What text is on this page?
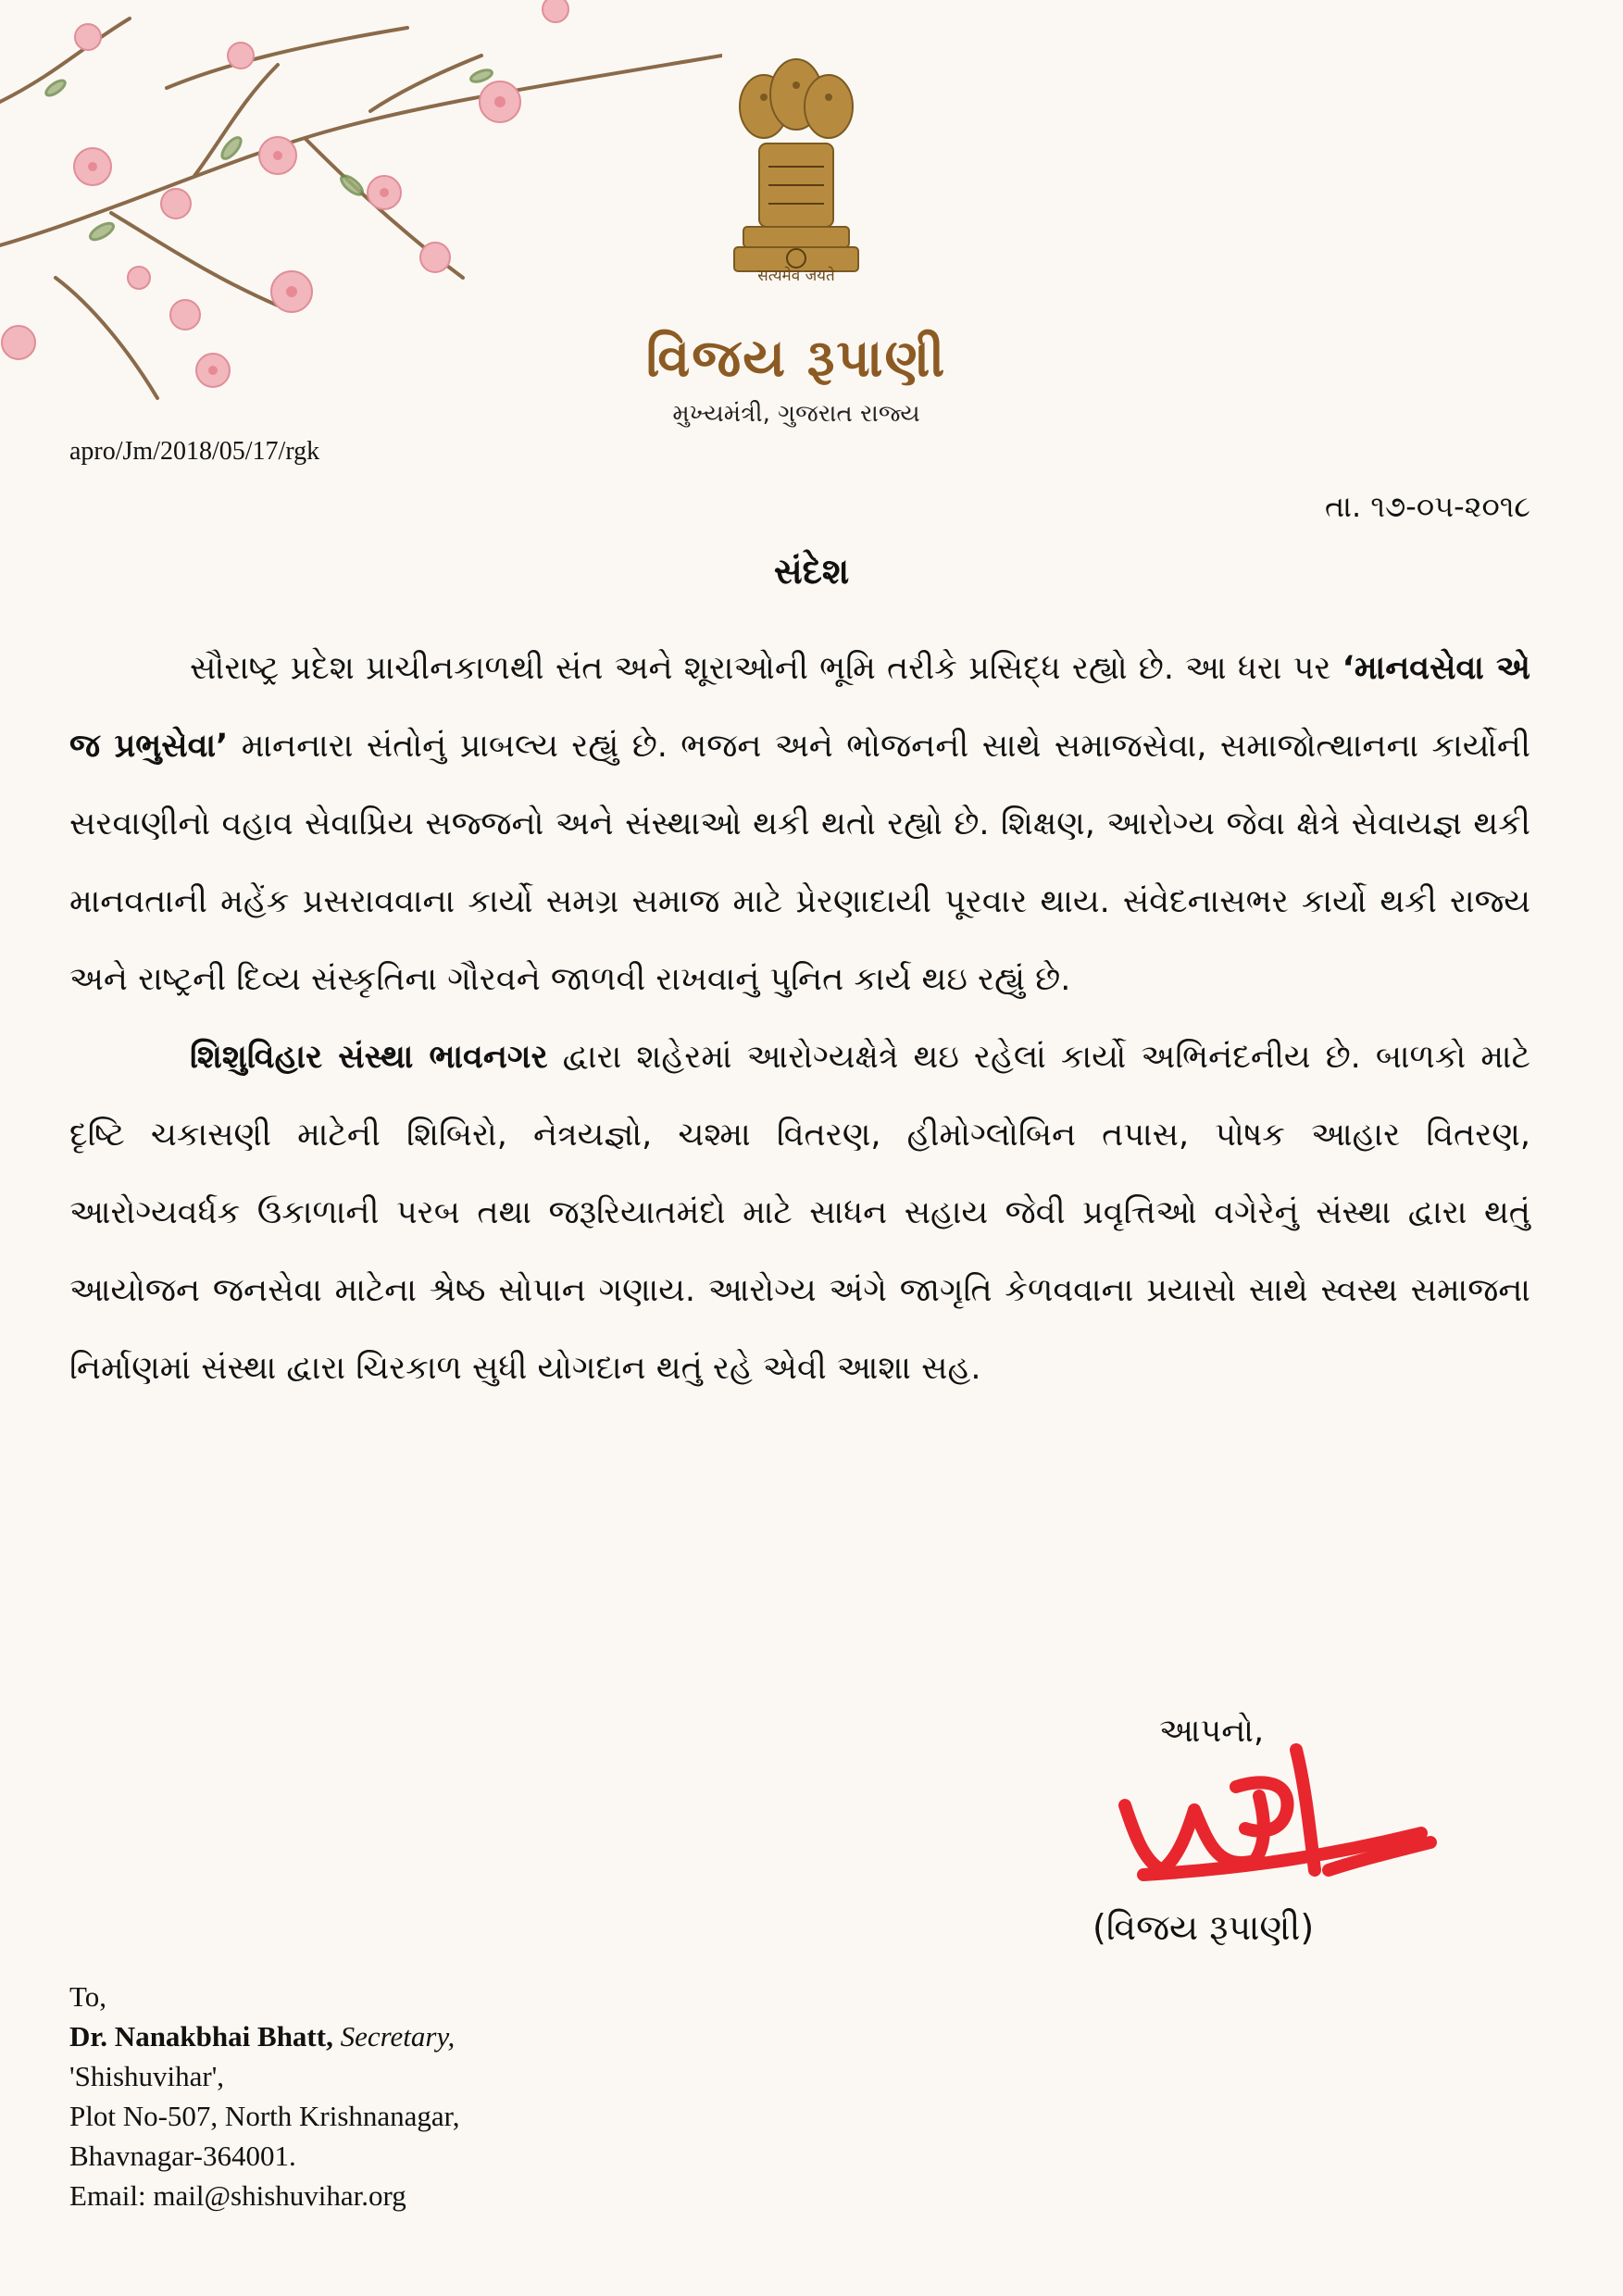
सत्यमेव जयते
વિજય રૂપાણી
મુખ્યમંત્રી, ગુજરાત રાજ્ય
apro/Jm/2018/05/17/rgk
તા. ૧૭-૦૫-૨૦૧૮
સંદેશ

સૌરાષ્ટ્ર પ્રદેશ પ્રાચીનકાળથી સંત અને શૂરાઓની ભૂમિ તરીકે પ્રસિદ્ધ રહ્યો છે. આ ધરા પર ‘માનવસેવા એ જ પ્રભુસેવા’ માનનારા સંતોનું પ્રાબલ્ય રહ્યું છે. ભજન અને ભોજનની સાથે સમાજસેવા, સમાજોત્થાનના કાર્યોની સરવાણીનો વહાવ સેવાપ્રિય સજ્જનો અને સંસ્થાઓ થકી થતો રહ્યો છે. શિક્ષણ, આરોગ્ય જેવા ક્ષેત્રે સેવાયજ્ઞ થકી માનવતાની મહેંક પ્રસરાવવાના કાર્યો સમગ્ર સમાજ માટે પ્રેરણાદાયી પૂરવાર થાય. સંવેદનાસભર કાર્યો થકી રાજ્ય અને રાષ્ટ્રની દિવ્ય સંસ્કૃતિના ગૌરવને જાળવી રાખવાનું પુનિત કાર્ય થઇ રહ્યું છે.

શિશુવિહાર સંસ્થા ભાવનગર દ્વારા શહેરમાં આરોગ્યક્ષેત્રે થઇ રહેલાં કાર્યો અભિનંદનીય છે. બાળકો માટે દૃષ્ટિ ચકાસણી માટેની શિબિરો, નેત્રયજ્ઞો, ચશ્મા વિતરણ, હીમોગ્લોબિન તપાસ, પોષક આહાર વિતરણ, આરોગ્યવર્ધક ઉકાળાની પરબ તથા જરૂરિયાતમંદો માટે સાધન સહાય જેવી પ્રવૃત્તિઓ વગેરેનું સંસ્થા દ્વારા થતું આયોજન જનસેવા માટેના શ્રેષ્ઠ સોપાન ગણાય. આરોગ્ય અંગે જાગૃતિ કેળવવાના પ્રયાસો સાથે સ્વસ્થ સમાજના નિર્માણમાં સંસ્થા દ્વારા ચિરકાળ સુધી યોગદાન થતું રહે એવી આશા સહ.

આપનો,
(વિજય રૂપાણી)
To,
Dr. Nanakbhai Bhatt, Secretary,
'Shishuvihar',
Plot No-507, North Krishnanagar,
Bhavnagar-364001.
Email: mail@shishuvihar.org
